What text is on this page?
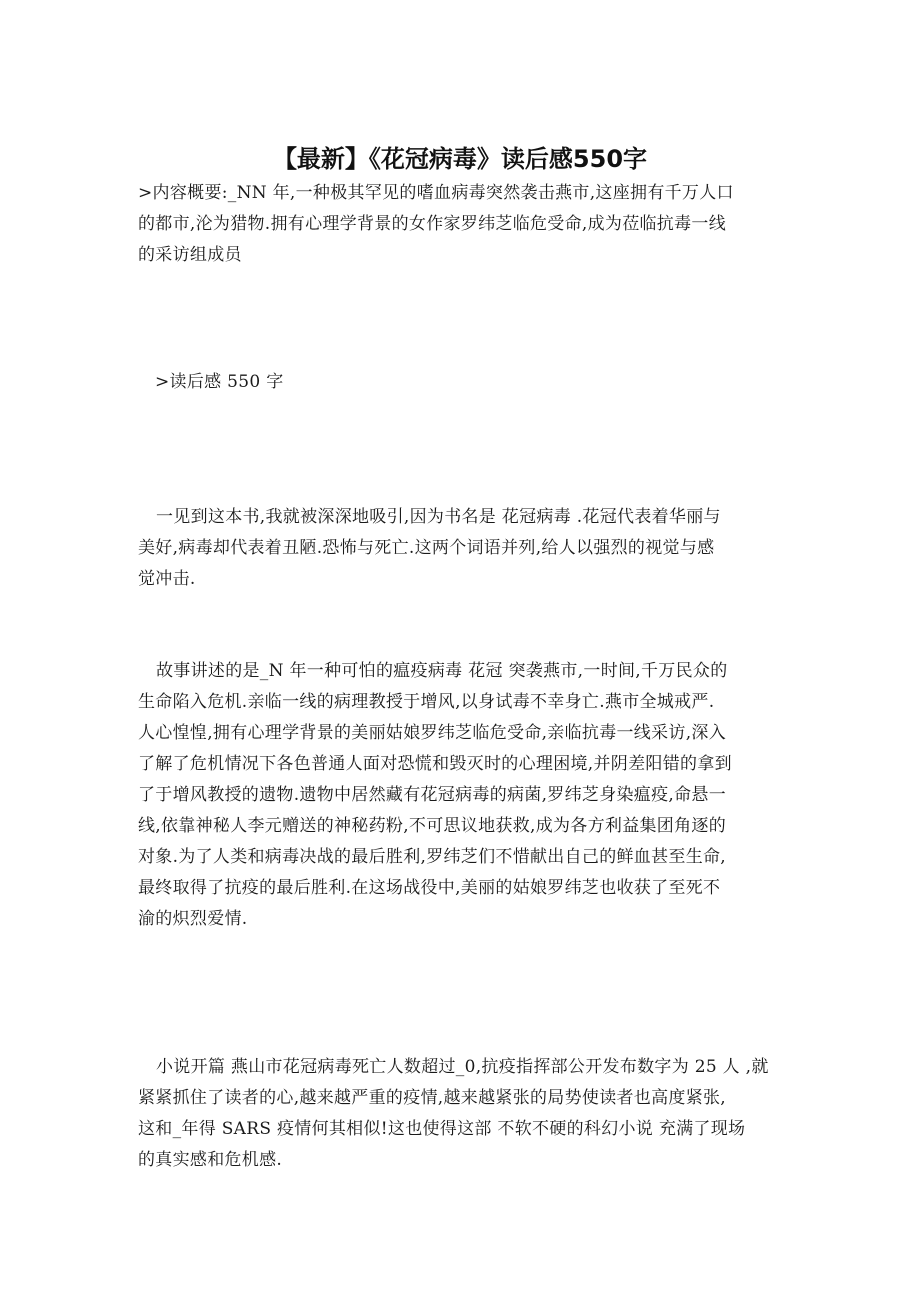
【最新】《花冠病毒》读后感550字

>内容概要:_NN 年,一种极其罕见的嗜血病毒突然袭击燕市,这座拥有千万人口

的都市,沦为猎物.拥有心理学背景的女作家罗纬芝临危受命,成为莅临抗毒一线

的采访组成员

>读后感 550 字

一见到这本书,我就被深深地吸引,因为书名是 花冠病毒 .花冠代表着华丽与

美好,病毒却代表着丑陋.恐怖与死亡.这两个词语并列,给人以强烈的视觉与感

觉冲击.

故事讲述的是_N 年一种可怕的瘟疫病毒 花冠 突袭燕市,一时间,千万民众的

生命陷入危机.亲临一线的病理教授于增风,以身试毒不幸身亡.燕市全城戒严.

人心惶惶,拥有心理学背景的美丽姑娘罗纬芝临危受命,亲临抗毒一线采访,深入

了解了危机情况下各色普通人面对恐慌和毁灭时的心理困境,并阴差阳错的拿到

了于增风教授的遗物.遗物中居然藏有花冠病毒的病菌,罗纬芝身染瘟疫,命悬一

线,依靠神秘人李元赠送的神秘药粉,不可思议地获救,成为各方利益集团角逐的

对象.为了人类和病毒决战的最后胜利,罗纬芝们不惜献出自己的鲜血甚至生命,

最终取得了抗疫的最后胜利.在这场战役中,美丽的姑娘罗纬芝也收获了至死不

渝的炽烈爱情.

小说开篇 燕山市花冠病毒死亡人数超过_0,抗疫指挥部公开发布数字为 25 人 ,就

紧紧抓住了读者的心,越来越严重的疫情,越来越紧张的局势使读者也高度紧张,

这和_年得 SARS 疫情何其相似!这也使得这部 不软不硬的科幻小说 充满了现场

的真实感和危机感.
